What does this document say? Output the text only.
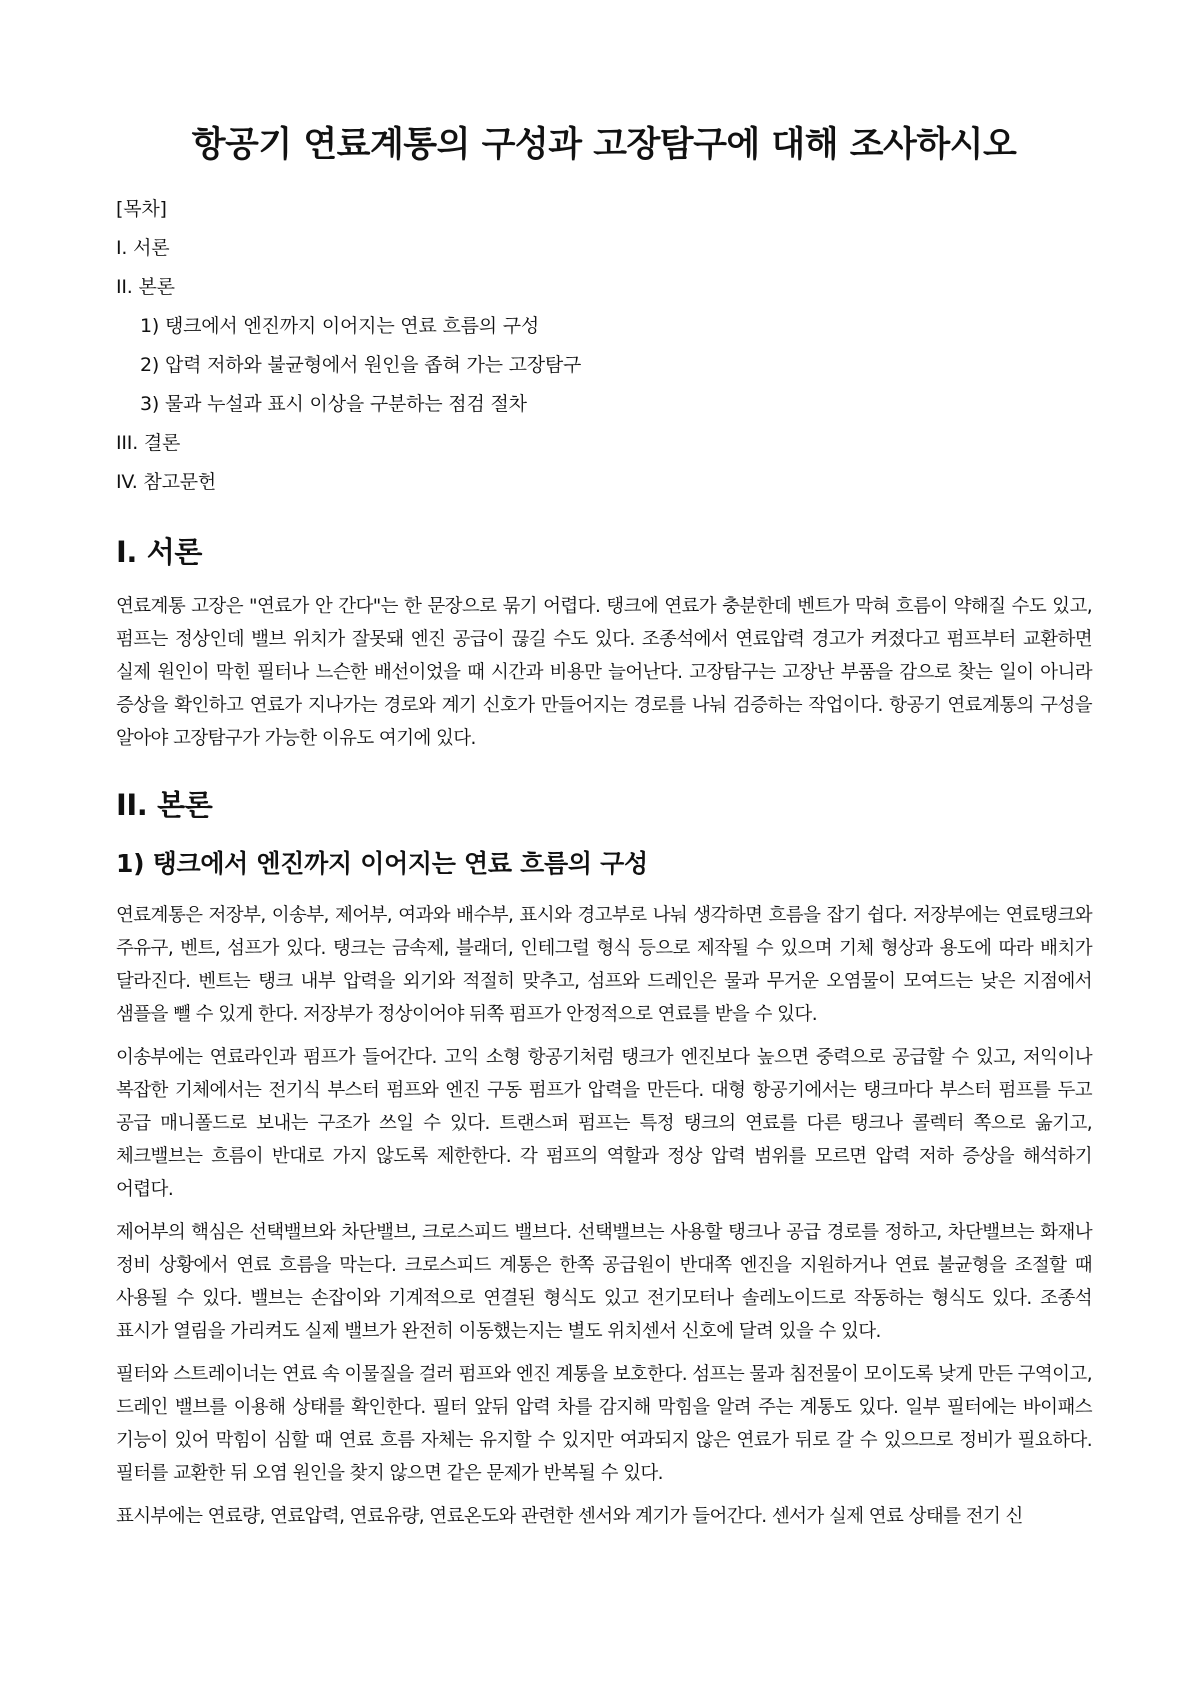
항공기 연료계통의 구성과 고장탐구에 대해 조사하시오
[목차]
I. 서론
II. 본론
1) 탱크에서 엔진까지 이어지는 연료 흐름의 구성
2) 압력 저하와 불균형에서 원인을 좁혀 가는 고장탐구
3) 물과 누설과 표시 이상을 구분하는 점검 절차
III. 결론
IV. 참고문헌
I. 서론

연료계통 고장은 "연료가 안 간다"는 한 문장으로 묶기 어렵다. 탱크에 연료가 충분한데 벤트가 막혀 흐름이 약해질 수도 있고, 펌프는 정상인데 밸브 위치가 잘못돼 엔진 공급이 끊길 수도 있다. 조종석에서 연료압력 경고가 켜졌다고 펌프부터 교환하면 실제 원인이 막힌 필터나 느슨한 배선이었을 때 시간과 비용만 늘어난다. 고장탐구는 고장난 부품을 감으로 찾는 일이 아니라 증상을 확인하고 연료가 지나가는 경로와 계기 신호가 만들어지는 경로를 나눠 검증하는 작업이다. 항공기 연료계통의 구성을 알아야 고장탐구가 가능한 이유도 여기에 있다.

II. 본론
1) 탱크에서 엔진까지 이어지는 연료 흐름의 구성

연료계통은 저장부, 이송부, 제어부, 여과와 배수부, 표시와 경고부로 나눠 생각하면 흐름을 잡기 쉽다. 저장부에는 연료탱크와 주유구, 벤트, 섬프가 있다. 탱크는 금속제, 블래더, 인테그럴 형식 등으로 제작될 수 있으며 기체 형상과 용도에 따라 배치가 달라진다. 벤트는 탱크 내부 압력을 외기와 적절히 맞추고, 섬프와 드레인은 물과 무거운 오염물이 모여드는 낮은 지점에서 샘플을 뺄 수 있게 한다. 저장부가 정상이어야 뒤쪽 펌프가 안정적으로 연료를 받을 수 있다.

이송부에는 연료라인과 펌프가 들어간다. 고익 소형 항공기처럼 탱크가 엔진보다 높으면 중력으로 공급할 수 있고, 저익이나 복잡한 기체에서는 전기식 부스터 펌프와 엔진 구동 펌프가 압력을 만든다. 대형 항공기에서는 탱크마다 부스터 펌프를 두고 공급 매니폴드로 보내는 구조가 쓰일 수 있다. 트랜스퍼 펌프는 특정 탱크의 연료를 다른 탱크나 콜렉터 쪽으로 옮기고, 체크밸브는 흐름이 반대로 가지 않도록 제한한다. 각 펌프의 역할과 정상 압력 범위를 모르면 압력 저하 증상을 해석하기 어렵다.

제어부의 핵심은 선택밸브와 차단밸브, 크로스피드 밸브다. 선택밸브는 사용할 탱크나 공급 경로를 정하고, 차단밸브는 화재나 정비 상황에서 연료 흐름을 막는다. 크로스피드 계통은 한쪽 공급원이 반대쪽 엔진을 지원하거나 연료 불균형을 조절할 때 사용될 수 있다. 밸브는 손잡이와 기계적으로 연결된 형식도 있고 전기모터나 솔레노이드로 작동하는 형식도 있다. 조종석 표시가 열림을 가리켜도 실제 밸브가 완전히 이동했는지는 별도 위치센서 신호에 달려 있을 수 있다.

필터와 스트레이너는 연료 속 이물질을 걸러 펌프와 엔진 계통을 보호한다. 섬프는 물과 침전물이 모이도록 낮게 만든 구역이고, 드레인 밸브를 이용해 상태를 확인한다. 필터 앞뒤 압력 차를 감지해 막힘을 알려 주는 계통도 있다. 일부 필터에는 바이패스 기능이 있어 막힘이 심할 때 연료 흐름 자체는 유지할 수 있지만 여과되지 않은 연료가 뒤로 갈 수 있으므로 정비가 필요하다. 필터를 교환한 뒤 오염 원인을 찾지 않으면 같은 문제가 반복될 수 있다.

표시부에는 연료량, 연료압력, 연료유량, 연료온도와 관련한 센서와 계기가 들어간다. 센서가 실제 연료 상태를 전기 신
